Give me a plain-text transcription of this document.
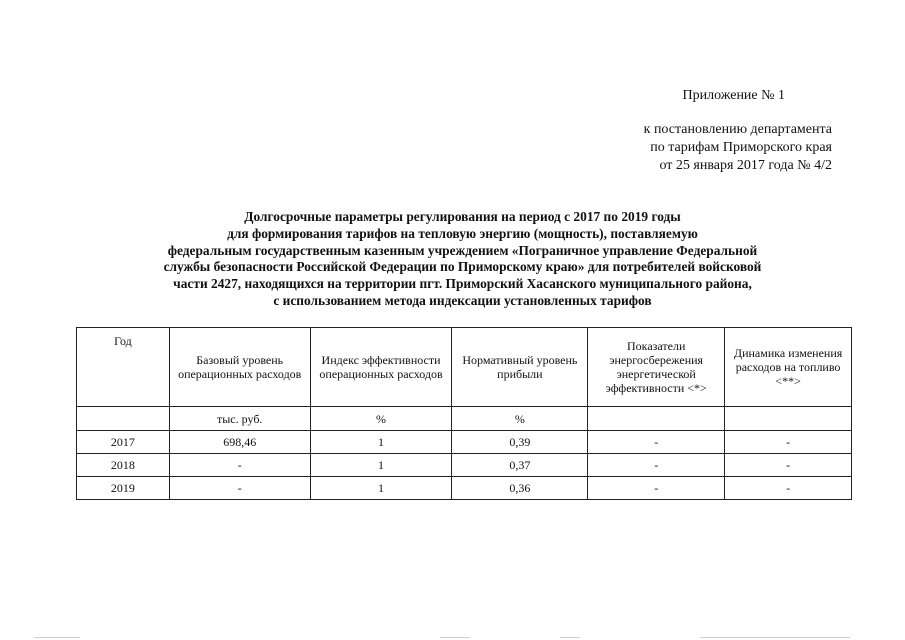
Приложение № 1
к постановлению департамента
по тарифам Приморского края
от 25 января 2017 года № 4/2
Долгосрочные параметры регулирования на период с 2017 по 2019 годы
для формирования тарифов на тепловую энергию (мощность), поставляемую
федеральным государственным казенным учреждением «Пограничное управление Федеральной
службы безопасности Российской Федерации по Приморскому краю» для потребителей войсковой
части 2427, находящихся на территории пгт. Приморский Хасанского муниципального района,
с использованием метода индексации установленных тарифов
Год	Базовый уровень операционных расходов	Индекс эффективности операционных расходов	Нормативный уровень прибыли	Показатели энергосбережения энергетической эффективности <*>	Динамика изменения расходов на топливо <**>
	тыс. руб.	%	%		
2017	698,46	1	0,39	-	-
2018	-	1	0,37	-	-
2019	-	1	0,36	-	-
